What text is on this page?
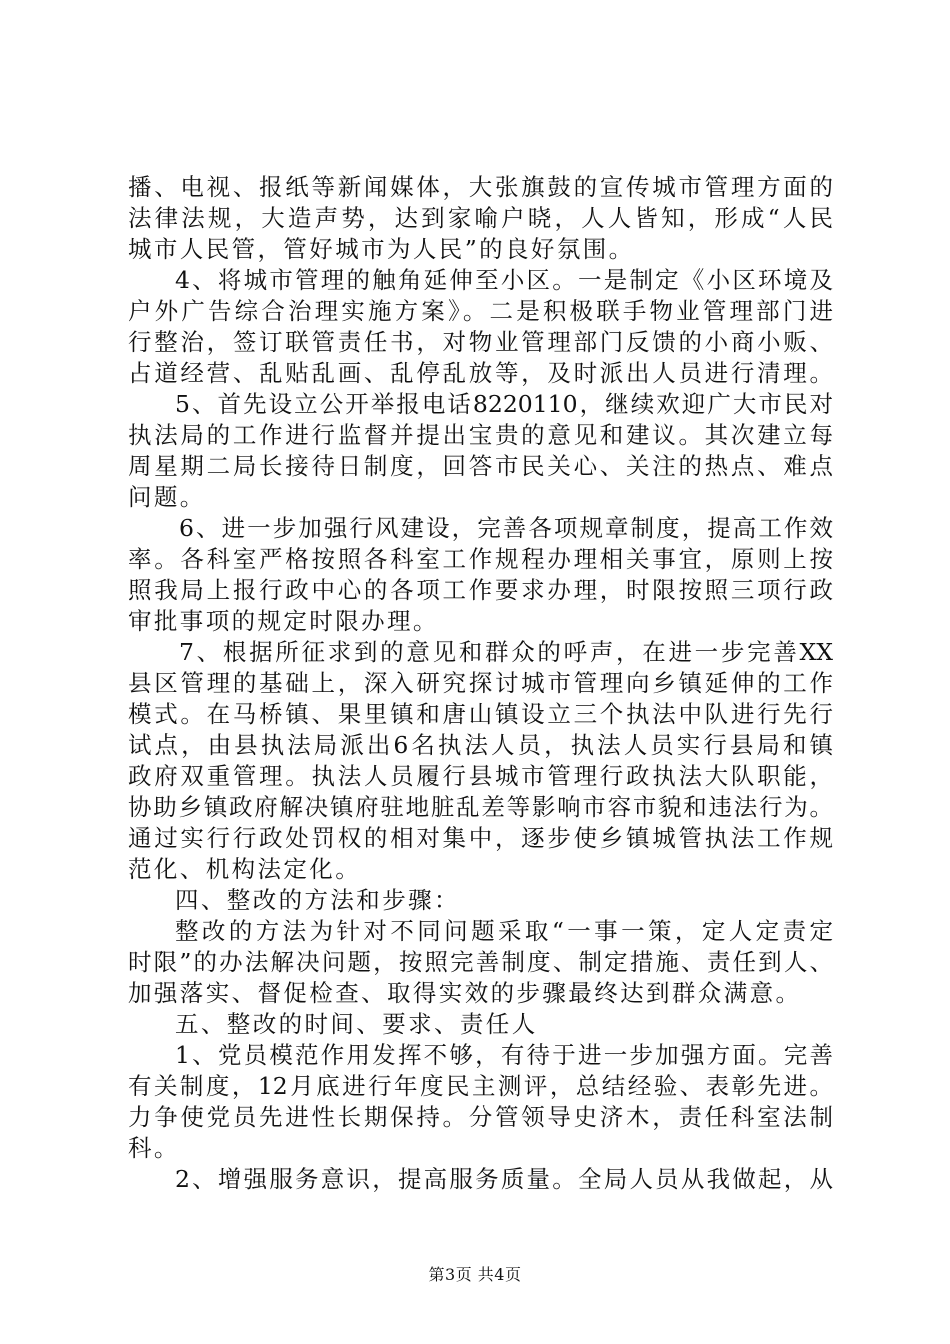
播、电视、报纸等新闻媒体，大张旗鼓的宣传城市管理方面的
法律法规，大造声势，达到家喻户晓，人人皆知，形成“人民
城市人民管，管好城市为人民”的良好氛围。
4、将城市管理的触角延伸至小区。一是制定《小区环境及
户外广告综合治理实施方案》。二是积极联手物业管理部门进
行整治，签订联管责任书，对物业管理部门反馈的小商小贩、
占道经营、乱贴乱画、乱停乱放等，及时派出人员进行清理。
5、首先设立公开举报电话8220110，继续欢迎广大市民对
执法局的工作进行监督并提出宝贵的意见和建议。其次建立每
周星期二局长接待日制度，回答市民关心、关注的热点、难点
问题。
6、进一步加强行风建设，完善各项规章制度，提高工作效
率。各科室严格按照各科室工作规程办理相关事宜，原则上按
照我局上报行政中心的各项工作要求办理，时限按照三项行政
审批事项的规定时限办理。
7、根据所征求到的意见和群众的呼声，在进一步完善XX
县区管理的基础上，深入研究探讨城市管理向乡镇延伸的工作
模式。在马桥镇、果里镇和唐山镇设立三个执法中队进行先行
试点，由县执法局派出6名执法人员，执法人员实行县局和镇
政府双重管理。执法人员履行县城市管理行政执法大队职能，
协助乡镇政府解决镇府驻地脏乱差等影响市容市貌和违法行为。
通过实行行政处罚权的相对集中，逐步使乡镇城管执法工作规
范化、机构法定化。
四、整改的方法和步骤：
整改的方法为针对不同问题采取“一事一策，定人定责定
时限”的办法解决问题，按照完善制度、制定措施、责任到人、
加强落实、督促检查、取得实效的步骤最终达到群众满意。
五、整改的时间、要求、责任人
1、党员模范作用发挥不够，有待于进一步加强方面。完善
有关制度，12月底进行年度民主测评，总结经验、表彰先进。
力争使党员先进性长期保持。分管领导史济木，责任科室法制
科。
2、增强服务意识，提高服务质量。全局人员从我做起，从
第3页 共4页
